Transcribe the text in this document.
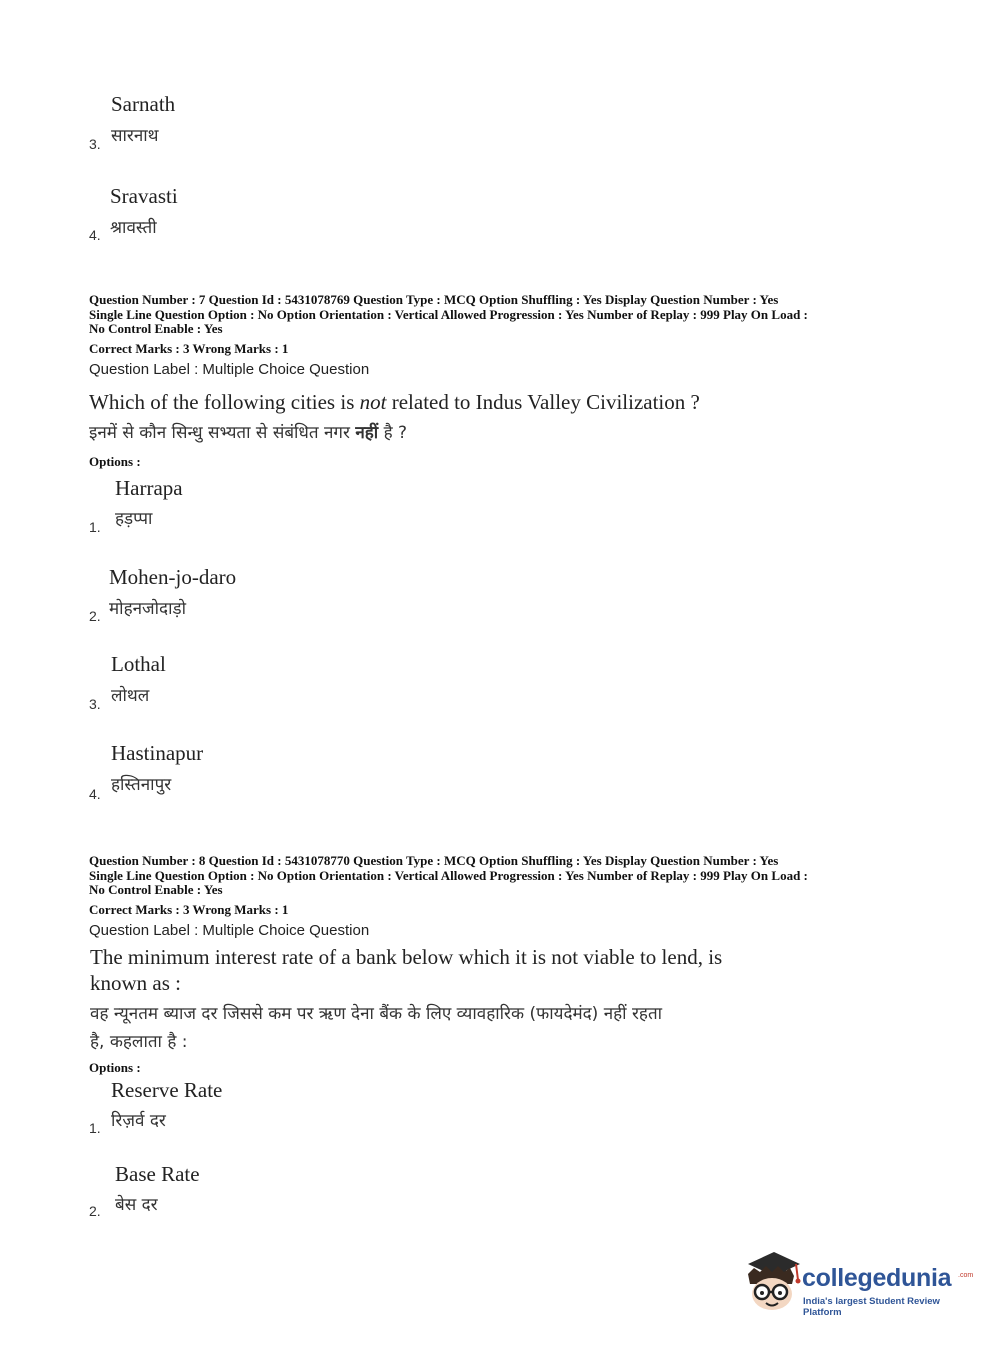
Sarnath
सारनाथ
3.
Sravasti
श्रावस्ती
4.
Question Number : 7 Question Id : 5431078769 Question Type : MCQ Option Shuffling : Yes Display Question Number : Yes
Single Line Question Option : No Option Orientation : Vertical Allowed Progression : Yes Number of Replay : 999 Play On Load :
No Control Enable : Yes
Correct Marks : 3 Wrong Marks : 1
Question Label : Multiple Choice Question
Which of the following cities is not related to Indus Valley Civilization ?
इनमें से कौन सिन्धु सभ्यता से संबंधित नगर नहीं है ?
Options :
Harrapa
हड़प्पा
1.
Mohen-jo-daro
मोहनजोदाड़ो
2.
Lothal
लोथल
3.
Hastinapur
हस्तिनापुर
4.
Question Number : 8 Question Id : 5431078770 Question Type : MCQ Option Shuffling : Yes Display Question Number : Yes
Single Line Question Option : No Option Orientation : Vertical Allowed Progression : Yes Number of Replay : 999 Play On Load :
No Control Enable : Yes
Correct Marks : 3 Wrong Marks : 1
Question Label : Multiple Choice Question
The minimum interest rate of a bank below which it is not viable to lend, is
known as :
वह न्यूनतम ब्याज दर जिससे कम पर ऋण देना बैंक के लिए व्यावहारिक (फायदेमंद) नहीं रहता
है, कहलाता है :
Options :
Reserve Rate
रिज़र्व दर
1.
Base Rate
बेस दर
2.
collegedunia .com
India's largest Student Review Platform
